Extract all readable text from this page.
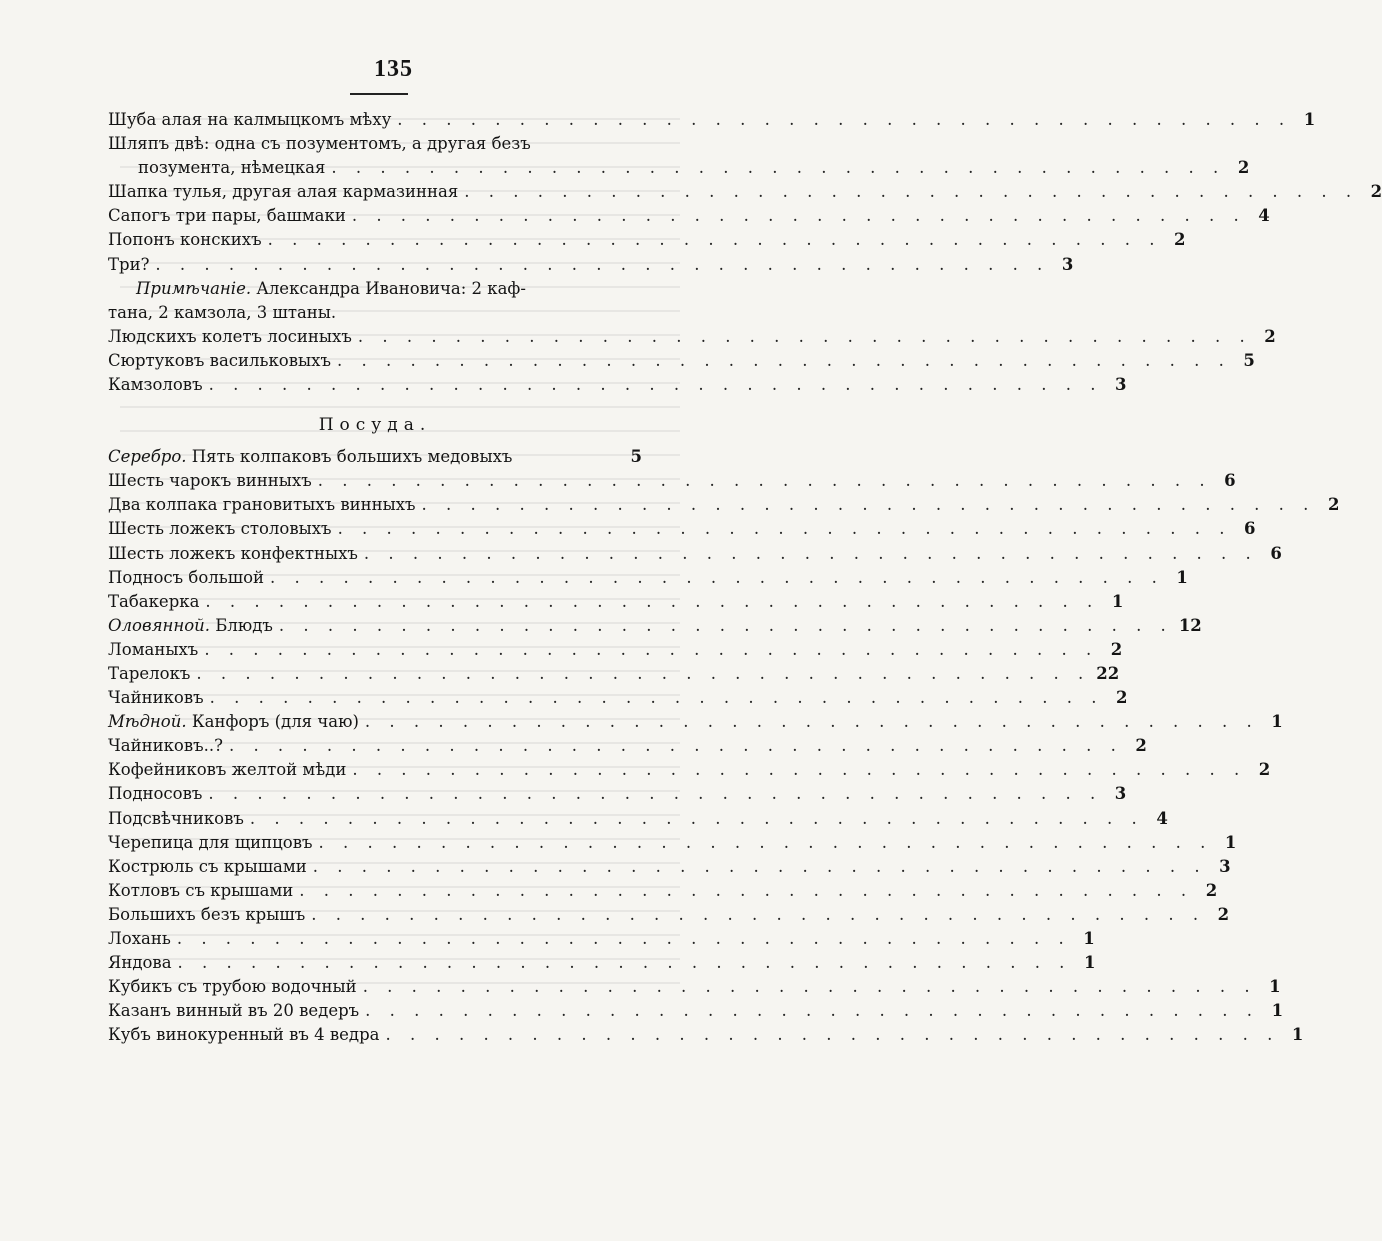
135
Шуба алая на калмыцкомъ мѣху . . . . . . . . . . . . . . . . . . . . . . . . . . . . . . . . . . . . . 1
Шляпъ двѣ: одна съ позументомъ, а другая безъ
позумента, нѣмецкая . . . . . . . . . . . . . . . . . . . . . . . . . . . . . . . . . . . . . 2
Шапка тулья, другая алая кармазинная . . . . . . . . . . . . . . . . . . . . . . . . . . . . . . . . . . . . . 2
Сапогъ три пары, башмаки . . . . . . . . . . . . . . . . . . . . . . . . . . . . . . . . . . . . . 4
Попонъ конскихъ . . . . . . . . . . . . . . . . . . . . . . . . . . . . . . . . . . . . . 2
Три? . . . . . . . . . . . . . . . . . . . . . . . . . . . . . . . . . . . . . 3
Примѣчаніе. Александра Ивановича: 2 каф-
тана, 2 камзола, 3 штаны.
Людскихъ колетъ лосиныхъ . . . . . . . . . . . . . . . . . . . . . . . . . . . . . . . . . . . . . 2
Сюртуковъ васильковыхъ . . . . . . . . . . . . . . . . . . . . . . . . . . . . . . . . . . . . . 5
Камзоловъ . . . . . . . . . . . . . . . . . . . . . . . . . . . . . . . . . . . . . 3
Посуда.
Серебро. Пять колпаковъ большихъ медовыхъ	5
Шесть чарокъ винныхъ . . . . . . . . . . . . . . . . . . . . . . . . . . . . . . . . . . . . . 6
Два колпака грановитыхъ винныхъ . . . . . . . . . . . . . . . . . . . . . . . . . . . . . . . . . . . . . 2
Шесть ложекъ столовыхъ . . . . . . . . . . . . . . . . . . . . . . . . . . . . . . . . . . . . . 6
Шесть ложекъ конфектныхъ . . . . . . . . . . . . . . . . . . . . . . . . . . . . . . . . . . . . . 6
Подносъ большой . . . . . . . . . . . . . . . . . . . . . . . . . . . . . . . . . . . . . 1
Табакерка . . . . . . . . . . . . . . . . . . . . . . . . . . . . . . . . . . . . . 1
Оловянной. Блюдъ . . . . . . . . . . . . . . . . . . . . . . . . . . . . . . . . . . . . . 12
Ломаныхъ . . . . . . . . . . . . . . . . . . . . . . . . . . . . . . . . . . . . . 2
Тарелокъ . . . . . . . . . . . . . . . . . . . . . . . . . . . . . . . . . . . . . 22
Чайниковъ . . . . . . . . . . . . . . . . . . . . . . . . . . . . . . . . . . . . . 2
Мѣдной. Канфоръ (для чаю) . . . . . . . . . . . . . . . . . . . . . . . . . . . . . . . . . . . . . 1
Чайниковъ..? . . . . . . . . . . . . . . . . . . . . . . . . . . . . . . . . . . . . . 2
Кофейниковъ желтой мѣди . . . . . . . . . . . . . . . . . . . . . . . . . . . . . . . . . . . . . 2
Подносовъ . . . . . . . . . . . . . . . . . . . . . . . . . . . . . . . . . . . . . 3
Подсвѣчниковъ . . . . . . . . . . . . . . . . . . . . . . . . . . . . . . . . . . . . . 4
Черепица для щипцовъ . . . . . . . . . . . . . . . . . . . . . . . . . . . . . . . . . . . . . 1
Кострюль съ крышами . . . . . . . . . . . . . . . . . . . . . . . . . . . . . . . . . . . . . 3
Котловъ съ крышами . . . . . . . . . . . . . . . . . . . . . . . . . . . . . . . . . . . . . 2
Большихъ безъ крышъ . . . . . . . . . . . . . . . . . . . . . . . . . . . . . . . . . . . . . 2
Лохань . . . . . . . . . . . . . . . . . . . . . . . . . . . . . . . . . . . . . 1
Яндова . . . . . . . . . . . . . . . . . . . . . . . . . . . . . . . . . . . . . 1
Кубикъ съ трубою водочный . . . . . . . . . . . . . . . . . . . . . . . . . . . . . . . . . . . . . 1
Казанъ винный въ 20 ведеръ . . . . . . . . . . . . . . . . . . . . . . . . . . . . . . . . . . . . . 1
Кубъ винокуренный въ 4 ведра . . . . . . . . . . . . . . . . . . . . . . . . . . . . . . . . . . . . . 1
